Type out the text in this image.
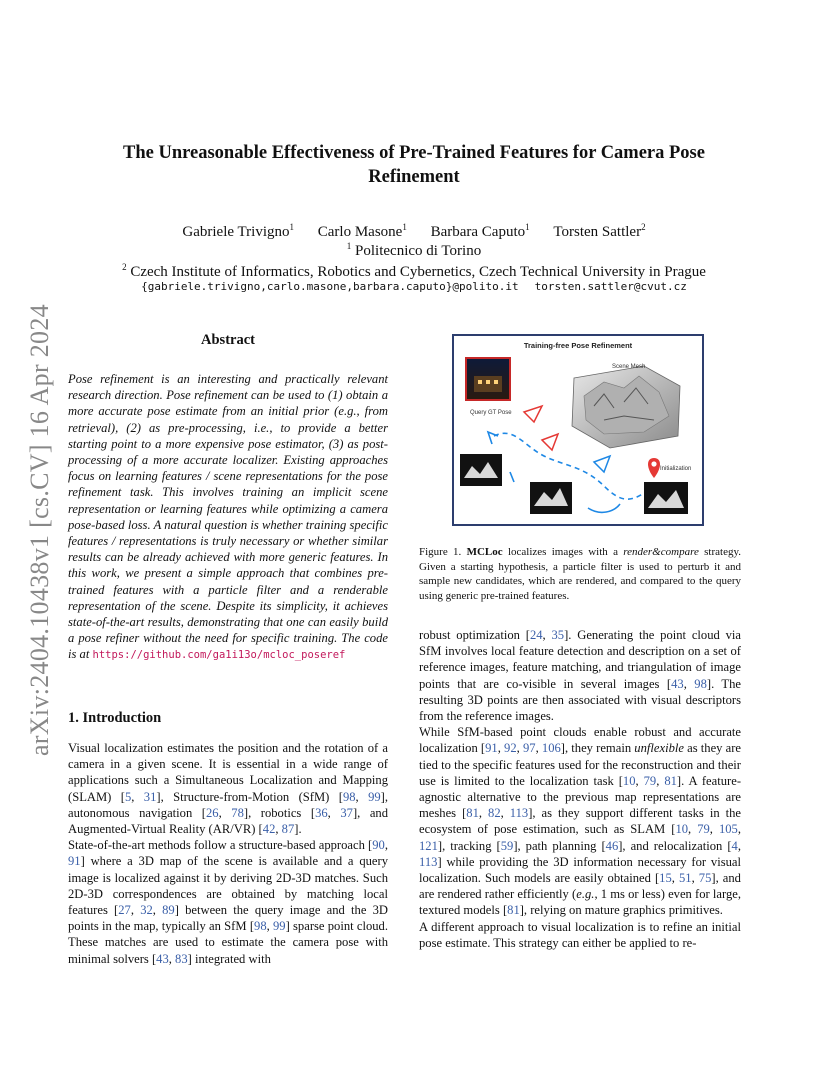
arXiv:2404.10438v1 [cs.CV] 16 Apr 2024
The Unreasonable Effectiveness of Pre-Trained Features for Camera Pose Refinement
Gabriele Trivigno$^1$ Carlo Masone$^1$ Barbara Caputo$^1$ Torsten Sattler$^2$
$^1$ Politecnico di Torino
$^2$ Czech Institute of Informatics, Robotics and Cybernetics, Czech Technical University in Prague
{gabriele.trivigno,carlo.masone,barbara.caputo}@polito.it torsten.sattler@cvut.cz
Abstract

Pose refinement is an interesting and practically relevant research direction. Pose refinement can be used to (1) obtain a more accurate pose estimate from an initial prior (e.g., from retrieval), (2) as pre-processing, i.e., to provide a better starting point to a more expensive pose estimator, (3) as post-processing of a more accurate localizer. Existing approaches focus on learning features / scene representations for the pose refinement task. This involves training an implicit scene representation or learning features while optimizing a camera pose-based loss. A natural question is whether training specific features / representations is truly necessary or whether similar results can be already achieved with more generic features. In this work, we present a simple approach that combines pre-trained features with a particle filter and a renderable representation of the scene. Despite its simplicity, it achieves state-of-the-art results, demonstrating that one can easily build a pose refiner without the need for specific training. The code is at https://github.com/ga1i13o/mcloc_poseref

1. Introduction

Visual localization estimates the position and the rotation of a camera in a given scene. It is essential in a wide range of applications such a Simultaneous Localization and Mapping (SLAM) [5, 31], Structure-from-Motion (SfM) [98, 99], autonomous navigation [26, 78], robotics [36, 37], and Augmented-Virtual Reality (AR/VR) [42, 87].

State-of-the-art methods follow a structure-based approach [90, 91] where a 3D map of the scene is available and a query image is localized against it by deriving 2D-3D matches. Such 2D-3D correspondences are obtained by matching local features [27, 32, 89] between the query image and the 3D points in the map, typically an SfM [98, 99] sparse point cloud. These matches are used to estimate the camera pose with minimal solvers [43, 83] integrated with

Training-free Pose Refinement
Query GT Pose
Scene Mesh
Initialization

Figure 1. MCLoc localizes images with a render&compare strategy. Given a starting hypothesis, a particle filter is used to perturb it and sample new candidates, which are rendered, and compared to the query using generic pre-trained features.

robust optimization [24, 35]. Generating the point cloud via SfM involves local feature detection and description on a set of reference images, feature matching, and triangulation of image points that are co-visible in several images [43, 98]. The resulting 3D points are then associated with visual descriptors from the reference images.

While SfM-based point clouds enable robust and accurate localization [91, 92, 97, 106], they remain unflexible as they are tied to the specific features used for the reconstruction and their use is limited to the localization task [10, 79, 81]. A feature-agnostic alternative to the previous map representations are meshes [81, 82, 113], as they support different tasks in the ecosystem of pose estimation, such as SLAM [10, 79, 105, 121], tracking [59], path planning [46], and relocalization [4, 113] while providing the 3D information necessary for visual localization. Such models are easily obtained [15, 51, 75], and are rendered rather efficiently (e.g., 1 ms or less) even for large, textured models [81], relying on mature graphics primitives.

A different approach to visual localization is to refine an initial pose estimate. This strategy can either be applied to re-
